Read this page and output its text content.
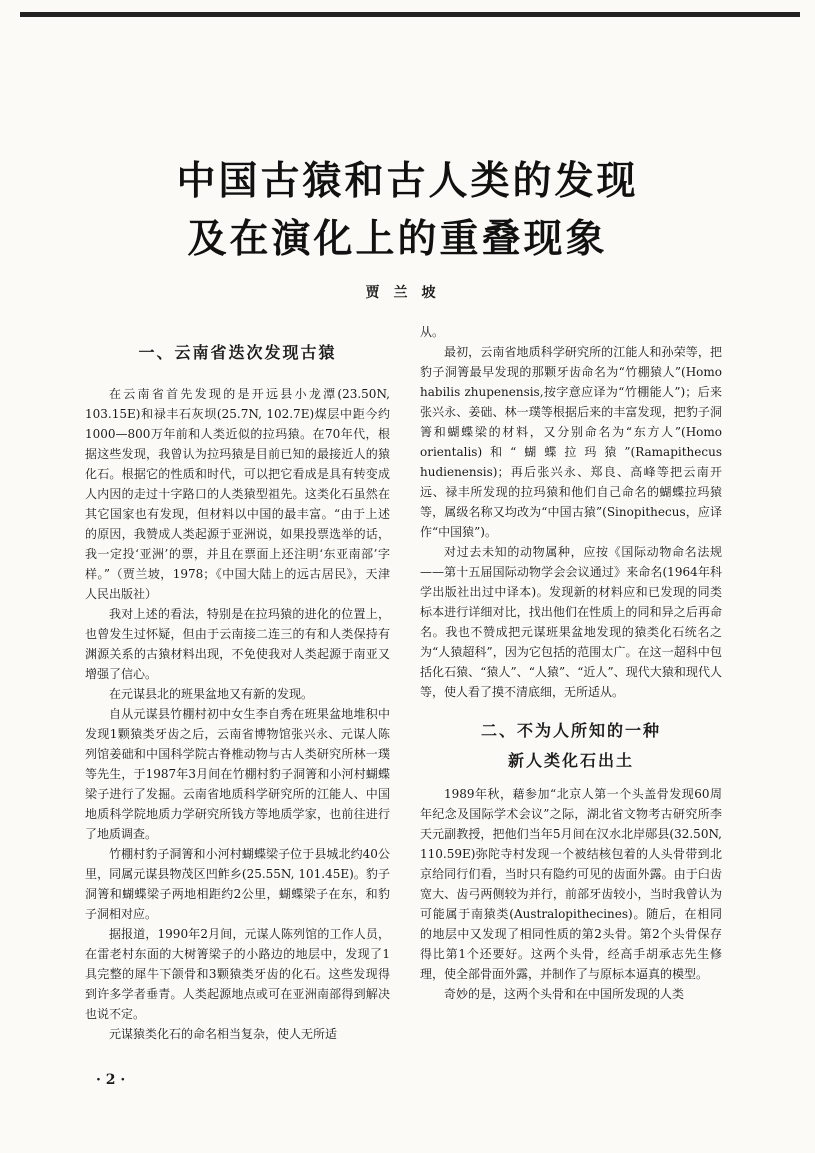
中国古猿和古人类的发现
及在演化上的重叠现象
贾兰坡
一、云南省迭次发现古猿

在云南省首先发现的是开远县小龙潭(23.50N, 103.15E)和禄丰石灰坝(25.7N, 102.7E)煤层中距今约1000—800万年前和人类近似的拉玛猿。在70年代，根据这些发现，我曾认为拉玛猿是目前已知的最接近人的猿化石。根据它的性质和时代，可以把它看成是具有转变成人内因的走过十字路口的人类猿型祖先。这类化石虽然在其它国家也有发现，但材料以中国的最丰富。“由于上述的原因，我赞成人类起源于亚洲说，如果投票选举的话，我一定投‘亚洲’的票，并且在票面上还注明‘东亚南部’字样。”（贾兰坡，1978；《中国大陆上的远古居民》，天津人民出版社）

我对上述的看法，特别是在拉玛猿的进化的位置上，也曾发生过怀疑，但由于云南接二连三的有和人类保持有渊源关系的古猿材料出现，不免使我对人类起源于南亚又增强了信心。

在元谋县北的班果盆地又有新的发现。

自从元谋县竹棚村初中女生李自秀在班果盆地堆积中发现1颗猿类牙齿之后，云南省博物馆张兴永、元谋人陈列馆姜础和中国科学院古脊椎动物与古人类研究所林一璞等先生，于1987年3月间在竹棚村豹子洞箐和小河村蝴蝶梁子进行了发掘。云南省地质科学研究所的江能人、中国地质科学院地质力学研究所钱方等地质学家，也前往进行了地质调查。

竹棚村豹子洞箐和小河村蝴蝶梁子位于县城北约40公里，同属元谋县物茂区凹鲊乡(25.55N, 101.45E)。豹子洞箐和蝴蝶梁子两地相距约2公里，蝴蝶梁子在东，和豹子洞相对应。

据报道，1990年2月间，元谋人陈列馆的工作人员，在雷老村东面的大树箐梁子的小路边的地层中，发现了1具完整的犀牛下颌骨和3颗猿类牙齿的化石。这些发现得到许多学者垂青。人类起源地点或可在亚洲南部得到解决也说不定。

元谋猿类化石的命名相当复杂，使人无所适

从。

最初，云南省地质科学研究所的江能人和孙荣等，把豹子洞箐最早发现的那颗牙齿命名为“竹棚猿人”(Homo habilis zhupenensis,按字意应译为“竹棚能人”)；后来张兴永、姜础、林一璞等根据后来的丰富发现，把豹子洞箐和蝴蝶梁的材料，又分别命名为“东方人”(Homo orientalis)和“蝴蝶拉玛猿”(Ramapithecus hudienensis)；再后张兴永、郑良、高峰等把云南开远、禄丰所发现的拉玛猿和他们自己命名的蝴蝶拉玛猿等，属级名称又均改为“中国古猿”(Sinopithecus，应译作“中国猿”)。

对过去未知的动物属种，应按《国际动物命名法规——第十五届国际动物学会会议通过》来命名(1964年科学出版社出过中译本)。发现新的材料应和已发现的同类标本进行详细对比，找出他们在性质上的同和异之后再命名。我也不赞成把元谋班果盆地发现的猿类化石统名之为“人猿超科”，因为它包括的范围太广。在这一超科中包括化石猿、“猿人”、“人猿”、“近人”、现代大猿和现代人等，使人看了摸不清底细，无所适从。

二、不为人所知的一种
新人类化石出土

1989年秋，藉参加“北京人第一个头盖骨发现60周年纪念及国际学术会议”之际，湖北省文物考古研究所李天元副教授，把他们当年5月间在汉水北岸郧县(32.50N, 110.59E)弥陀寺村发现一个被结核包着的人头骨带到北京给同行们看，当时只有隐约可见的齿面外露。由于臼齿宽大、齿弓两侧较为并行，前部牙齿较小，当时我曾认为可能属于南猿类(Australopithecines)。随后，在相同的地层中又发现了相同性质的第2头骨。第2个头骨保存得比第1个还要好。这两个头骨，经高手胡承志先生修理，使全部骨面外露，并制作了与原标本逼真的模型。

奇妙的是，这两个头骨和在中国所发现的人类

· 2 ·
